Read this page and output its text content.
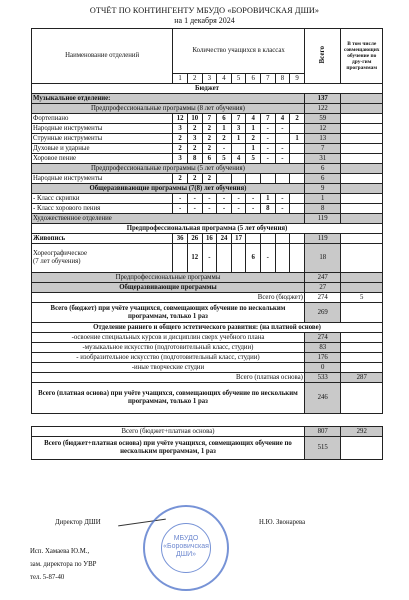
ОТЧЁТ ПО КОНТИНГЕНТУ МБУДО «БОРОВИЧСКАЯ ДШИ»
на 1 декабря 2024
Наименование отделений	Количество учащихся в классах									Всего	В том числе совмещающих обучение по дру-гим программам
	1	2	3	4	5	6	7	8	9		
Бюджет											
Музыкальное отделение:										137	
Предпрофессиональные программы (8 лет обучения)										122	
Фортепиано	12	10	7	6	7	4	7	4	2	59	
Народные инструменты	3	2	2	1	3	1	-	-		12	
Струнные инструменты	2	3	2	2	1	2	-		1	13	
Духовые и ударные	2	2	2	-		1	-	-		7	
Хоровое пение	3	8	6	5	4	5	-	-		31	
Предпрофессиональные программы (5 лет обучения)										6	
Народные инструменты	2	2	2							6	
Общеразвивающие программы (7(8) лет обучения)										9	
- Класс скрипки	-	-	-	-	-	-	1	-		1	
- Класс хорового пения	-	-	-	-	-	-	8	-		8	
Художественное отделение										119	
Предпрофессиональная программа (5 лет обучения)											
Живопись	36	26	16	24	17					119	

Хореографическое
(7 лет обучения)		12	-			6	-			18	
Предпрофессиональные программы										247	
Общеразвивающие программы										27	
Всего (бюджет)										274	5
Всего (бюджет) при учёте учащихся, совмещающих обучение по нескольким программам, только 1 раз										269	
Отделение раннего и общего эстетического развития: (на платной основе)											
-освоение специальных курсов и дисциплин сверх учебного плана										274	
-музыкальное искусство (подготовительный класс, студии)										83	
- изобразительное искусство (подготовительный класс, студии)										176	
-иные творческие студии										0	
Всего (платная основа)										533	287
Всего (платная основа) при учёте учащихся, совмещающих обучение по нескольким программам, только 1 раз										246	

Всего (бюджет+платная основа)										807	292
Всего (бюджет+платная основа) при учёте учащихся, совмещающих обучение по нескольким программам, 1 раз										515	
Директор ДШИ	Н.Ю. Звонарева
Исп. Хамаева Ю.М.,
зам. директора по УВР
тел. 5-87-40
МБУДО
«Боровичская
ДШИ»
